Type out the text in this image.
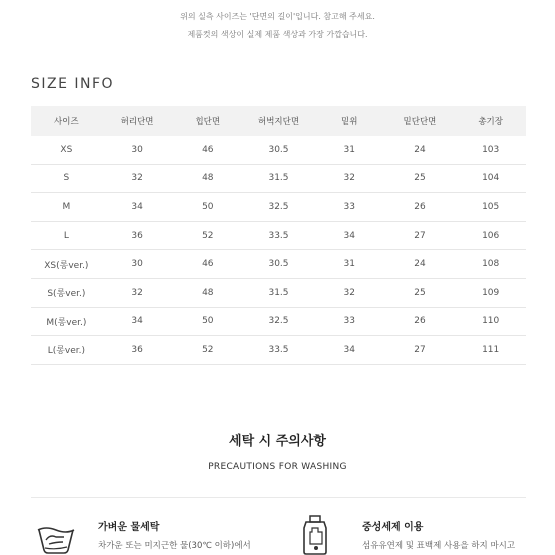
위의 실측 사이즈는 '단면의 길이'입니다. 참고해 주세요.
제품컷의 색상이 실제 제품 색상과 가장 가깝습니다.
SIZE INFO
사이즈	허리단면	힙단면	허벅지단면	밑위	밑단단면	총기장
XS	30	46	30.5	31	24	103
S	32	48	31.5	32	25	104
M	34	50	32.5	33	26	105
L	36	52	33.5	34	27	106
XS(롱ver.)	30	46	30.5	31	24	108
S(롱ver.)	32	48	31.5	32	25	109
M(롱ver.)	34	50	32.5	33	26	110
L(롱ver.)	36	52	33.5	34	27	111
세탁 시 주의사항
PRECAUTIONS FOR WASHING
가벼운 물세탁
차가운 또는 미지근한 물(30℃ 이하)에서
중성세제 이용
섬유유연제 및 표백제 사용을 하지 마시고
